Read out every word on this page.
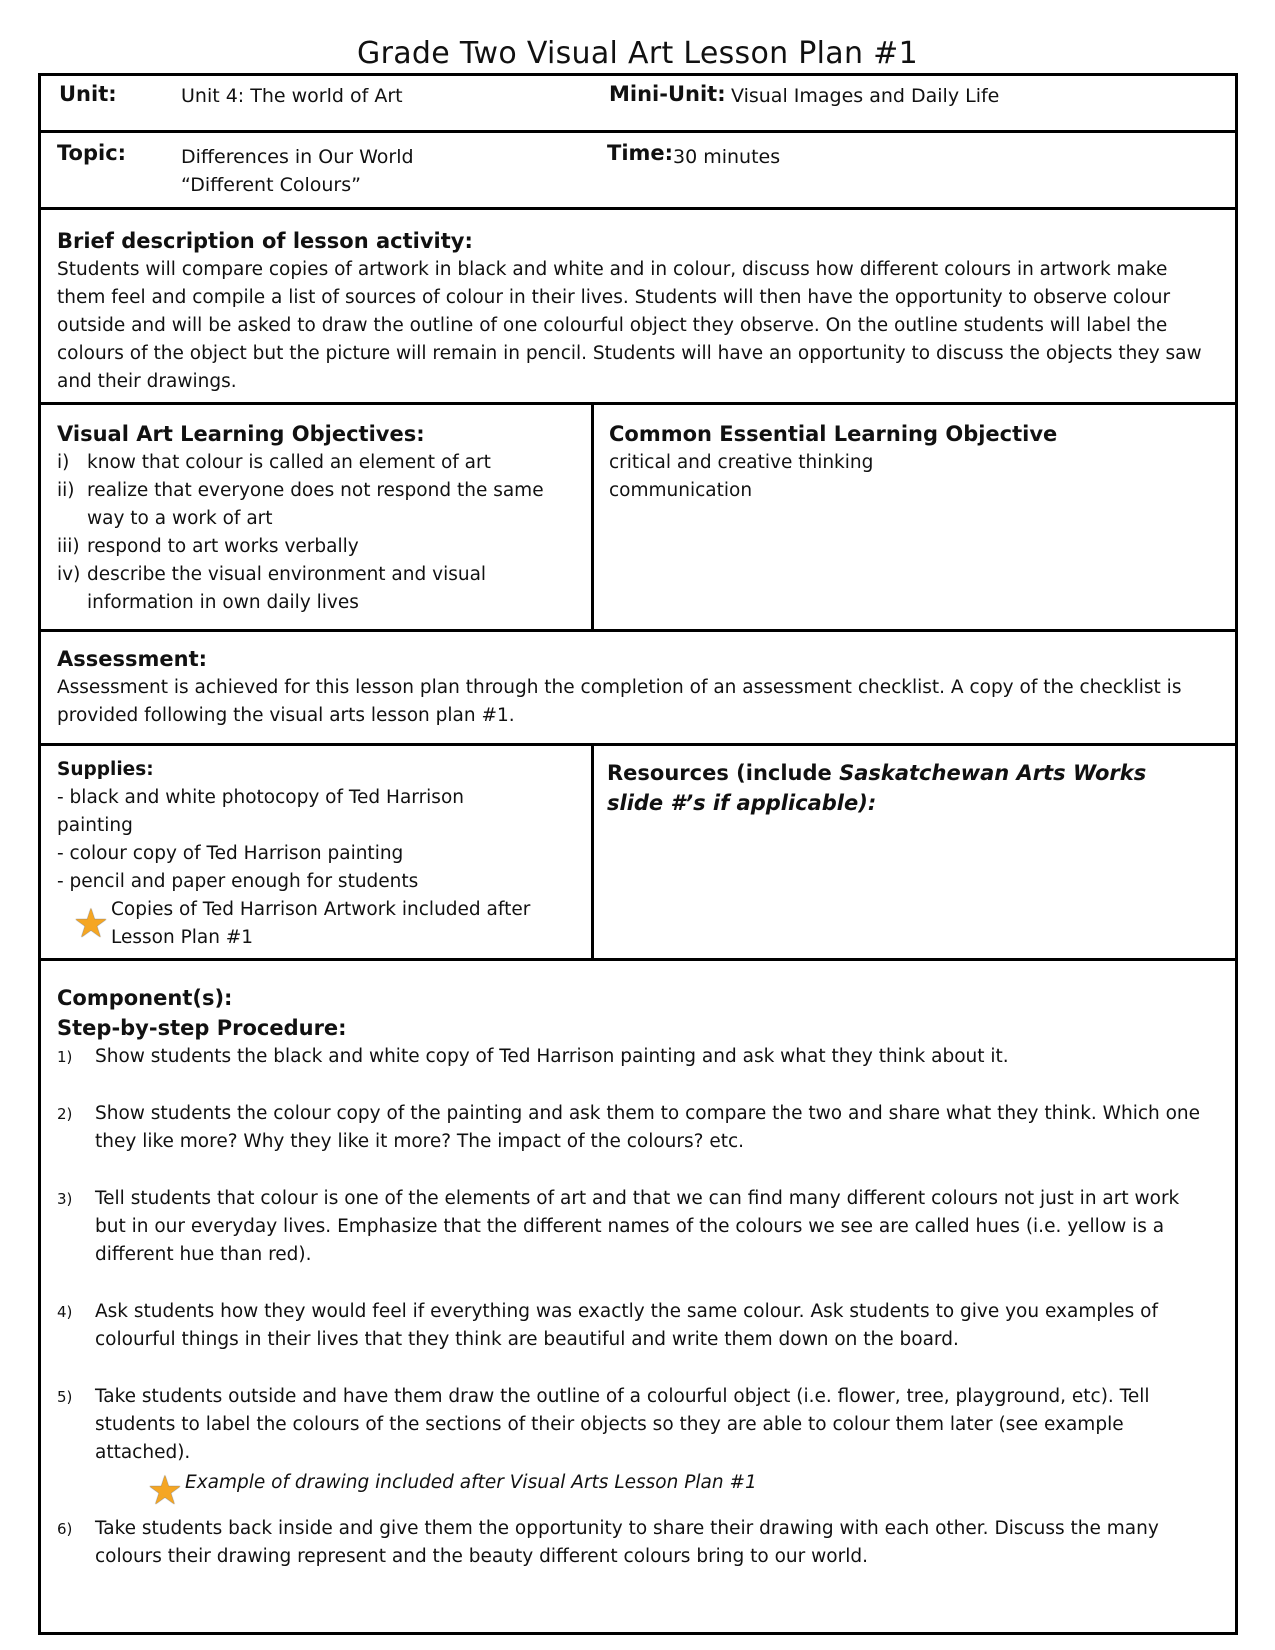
Grade Two Visual Art Lesson Plan #1
Unit:	Unit 4: The world of Art	Mini-Unit: Visual Images and Daily Life
Topic:	Differences in Our World
“Different Colours”
Time: 30 minutes

Brief description of lesson activity:

Students will compare copies of artwork in black and white and in colour, discuss how different colours in artwork make them feel and compile a list of sources of colour in their lives. Students will then have the opportunity to observe colour outside and will be asked to draw the outline of one colourful object they observe. On the outline students will label the colours of the object but the picture will remain in pencil. Students will have an opportunity to discuss the objects they saw and their drawings.

Visual Art Learning Objectives:

i) know that colour is called an element of art
ii) realize that everyone does not respond the same way to a work of art
iii) respond to art works verbally
iv) describe the visual environment and visual information in own daily lives

Common Essential Learning Objective

critical and creative thinking

communication

Assessment:

Assessment is achieved for this lesson plan through the completion of an assessment checklist. A copy of the checklist is provided following the visual arts lesson plan #1.

Supplies:

- black and white photocopy of Ted Harrison painting

- colour copy of Ted Harrison painting

- pencil and paper enough for students

★ Copies of Ted Harrison Artwork included after Lesson Plan #1

Resources (include Saskatchewan Arts Works slide #’s if applicable):

Component(s):

Step-by-step Procedure:

1) Show students the black and white copy of Ted Harrison painting and ask what they think about it.
2) Show students the colour copy of the painting and ask them to compare the two and share what they think. Which one they like more? Why they like it more? The impact of the colours? etc.
3) Tell students that colour is one of the elements of art and that we can find many different colours not just in art work but in our everyday lives. Emphasize that the different names of the colours we see are called hues (i.e. yellow is a different hue than red).
4) Ask students how they would feel if everything was exactly the same colour. Ask students to give you examples of colourful things in their lives that they think are beautiful and write them down on the board.
5) Take students outside and have them draw the outline of a colourful object (i.e. flower, tree, playground, etc). Tell students to label the colours of the sections of their objects so they are able to colour them later (see example attached).
★ Example of drawing included after Visual Arts Lesson Plan #1
6) Take students back inside and give them the opportunity to share their drawing with each other. Discuss the many colours their drawing represent and the beauty different colours bring to our world.
